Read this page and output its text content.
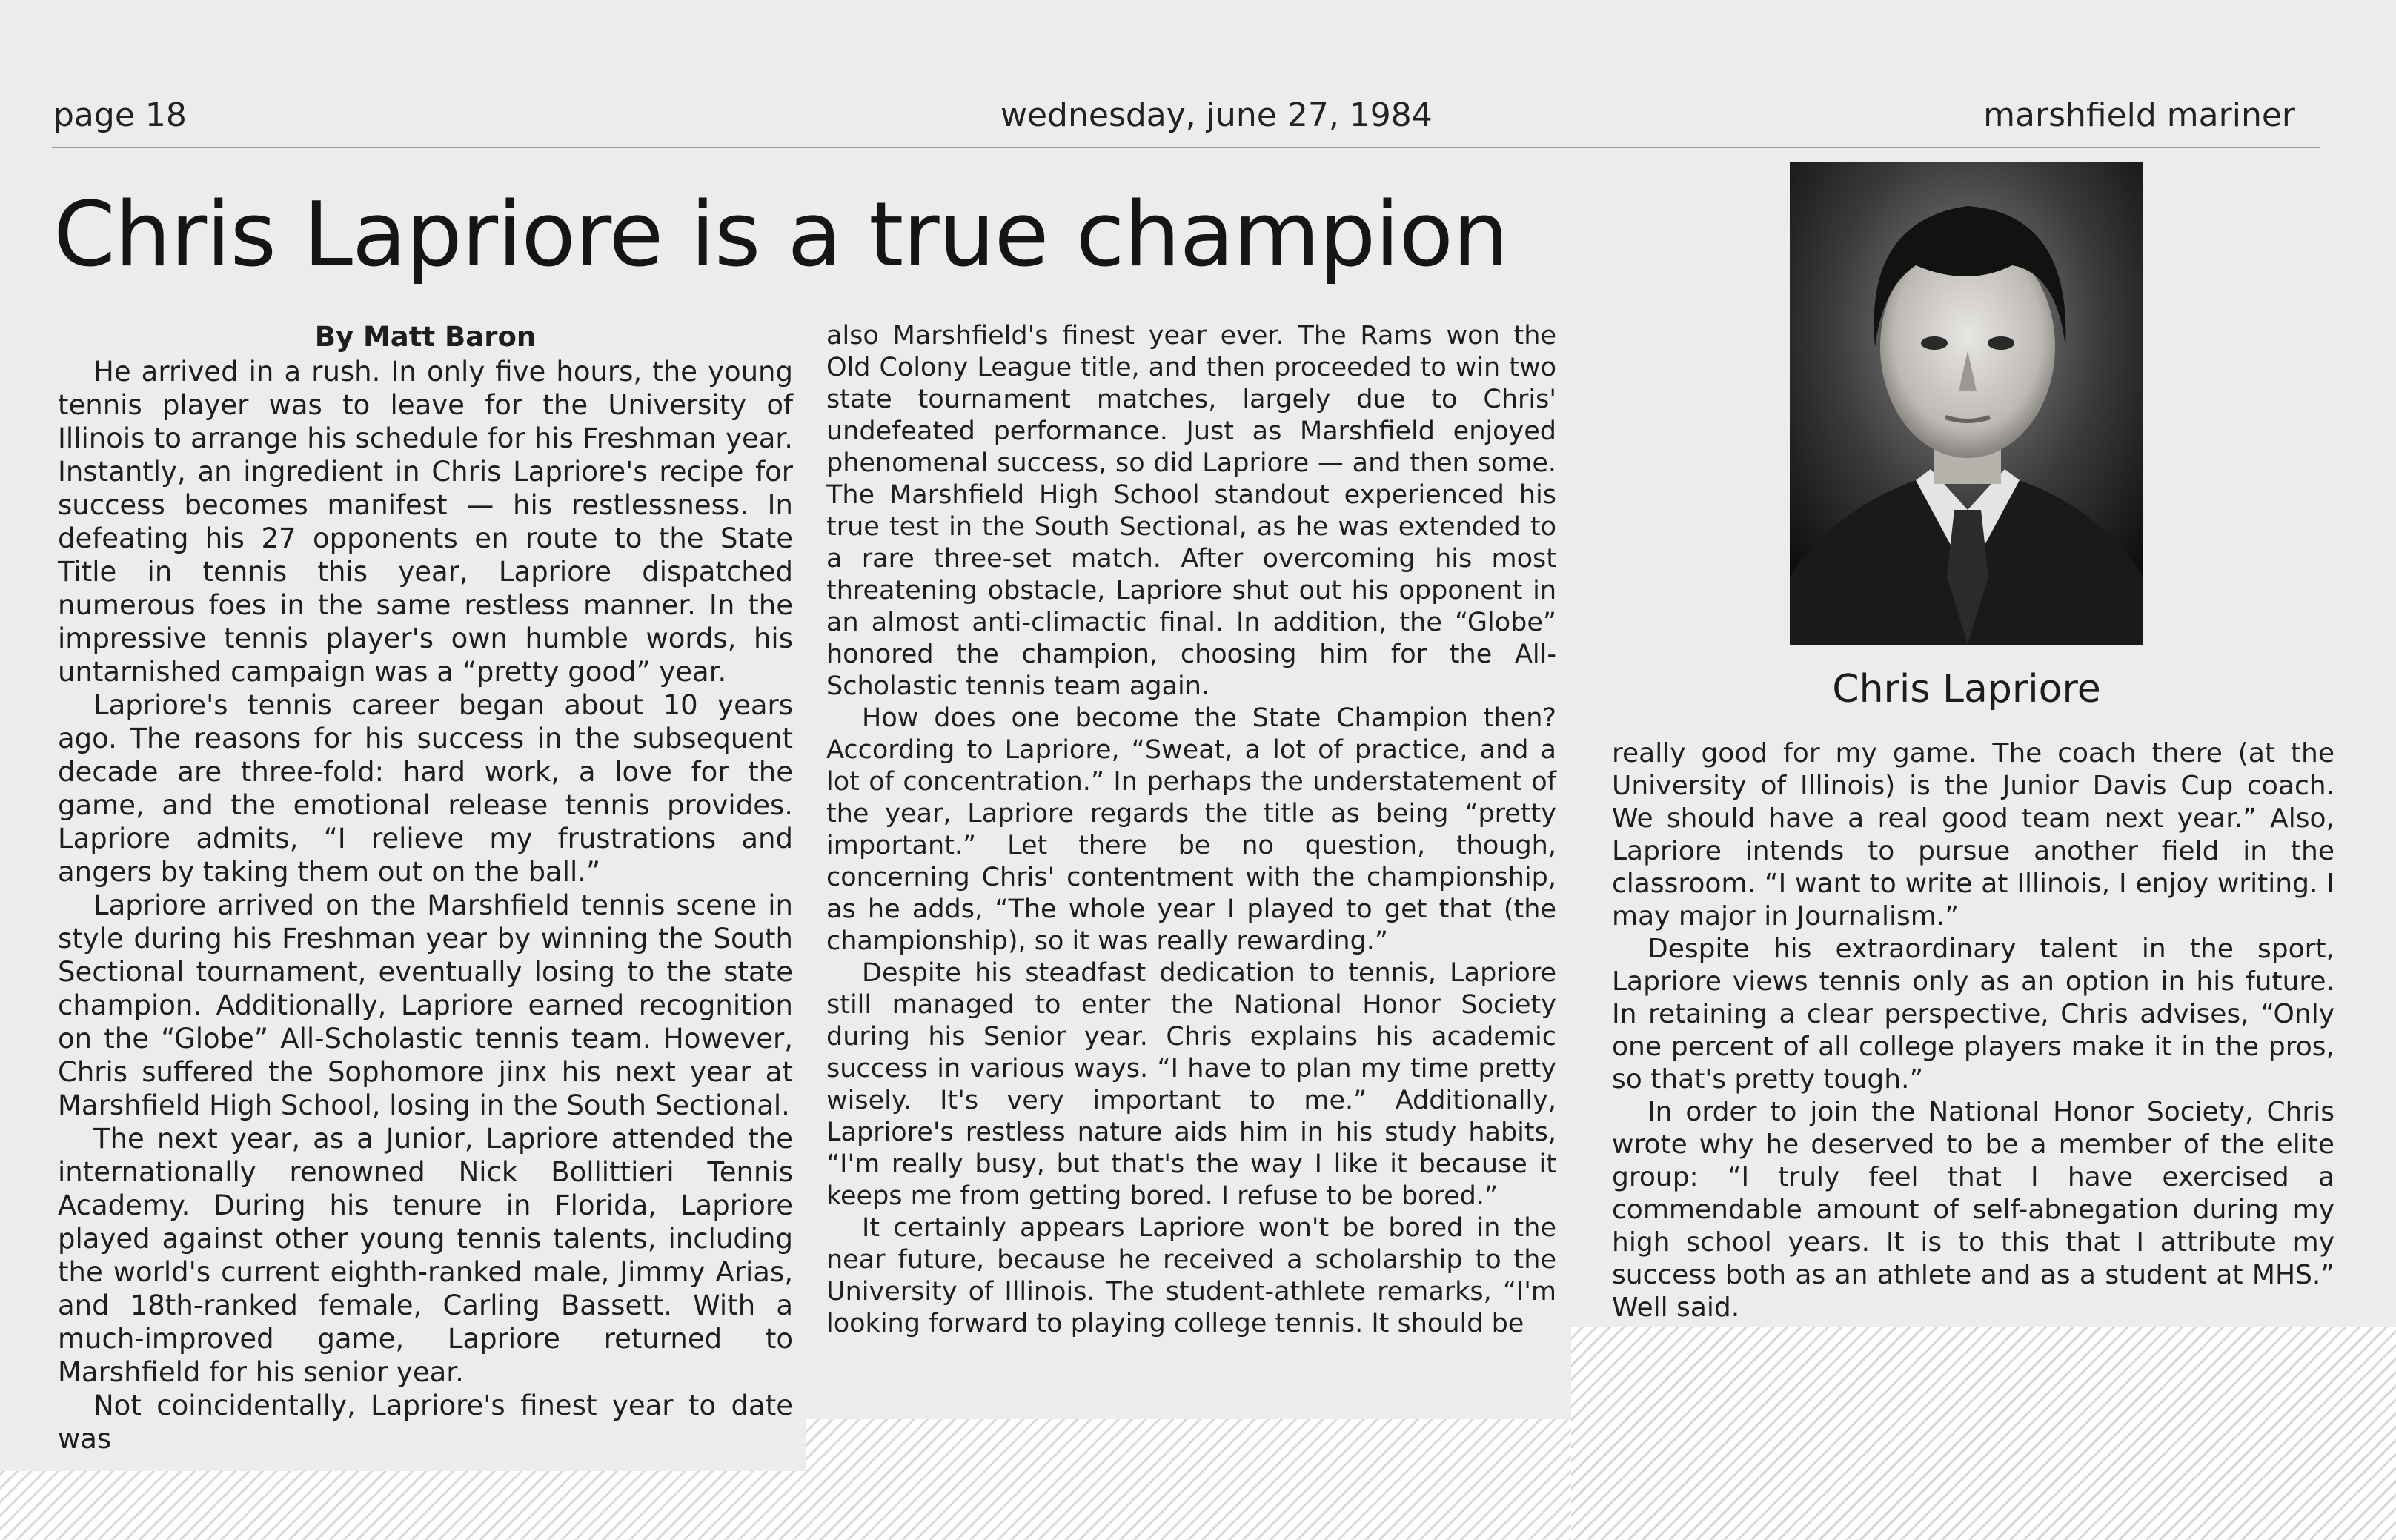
page 18	wednesday, june 27, 1984	marshfield mariner
Chris Lapriore is a true champion

By Matt Baron

He arrived in a rush. In only five hours, the young tennis player was to leave for the University of Illinois to arrange his schedule for his Freshman year. Instantly, an ingredient in Chris Lapriore's recipe for success becomes manifest — his restlessness. In defeating his 27 opponents en route to the State Title in tennis this year, Lapriore dispatched numerous foes in the same restless manner. In the impressive tennis player's own humble words, his untarnished campaign was a “pretty good” year.

Lapriore's tennis career began about 10 years ago. The reasons for his success in the subsequent decade are three-fold: hard work, a love for the game, and the emotional release tennis provides. Lapriore admits, “I relieve my frustrations and angers by taking them out on the ball.”

Lapriore arrived on the Marshfield tennis scene in style during his Freshman year by winning the South Sectional tournament, eventually losing to the state champion. Additionally, Lapriore earned recognition on the “Globe” All-Scholastic tennis team. However, Chris suffered the Sophomore jinx his next year at Marshfield High School, losing in the South Sectional.

The next year, as a Junior, Lapriore attended the internationally renowned Nick Bollittieri Tennis Academy. During his tenure in Florida, Lapriore played against other young tennis talents, including the world's current eighth-ranked male, Jimmy Arias, and 18th-ranked female, Carling Bassett. With a much-improved game, Lapriore returned to Marshfield for his senior year.

Not coincidentally, Lapriore's finest year to date was

also Marshfield's finest year ever. The Rams won the Old Colony League title, and then proceeded to win two state tournament matches, largely due to Chris' undefeated performance. Just as Marshfield enjoyed phenomenal success, so did Lapriore — and then some. The Marshfield High School standout experienced his true test in the South Sectional, as he was extended to a rare three-set match. After overcoming his most threatening obstacle, Lapriore shut out his opponent in an almost anti-climactic final. In addition, the “Globe” honored the champion, choosing him for the All-Scholastic tennis team again.

How does one become the State Champion then? According to Lapriore, “Sweat, a lot of practice, and a lot of concentration.” In perhaps the understatement of the year, Lapriore regards the title as being “pretty important.” Let there be no question, though, concerning Chris' contentment with the championship, as he adds, “The whole year I played to get that (the championship), so it was really rewarding.”

Despite his steadfast dedication to tennis, Lapriore still managed to enter the National Honor Society during his Senior year. Chris explains his academic success in various ways. “I have to plan my time pretty wisely. It's very important to me.” Additionally, Lapriore's restless nature aids him in his study habits, “I'm really busy, but that's the way I like it because it keeps me from getting bored. I refuse to be bored.”

It certainly appears Lapriore won't be bored in the near future, because he received a scholarship to the University of Illinois. The student-athlete remarks, “I'm looking forward to playing college tennis. It should be

Chris Lapriore

really good for my game. The coach there (at the University of Illinois) is the Junior Davis Cup coach. We should have a real good team next year.” Also, Lapriore intends to pursue another field in the classroom. “I want to write at Illinois, I enjoy writing. I may major in Journalism.”

Despite his extraordinary talent in the sport, Lapriore views tennis only as an option in his future. In retaining a clear perspective, Chris advises, “Only one percent of all college players make it in the pros, so that's pretty tough.”

In order to join the National Honor Society, Chris wrote why he deserved to be a member of the elite group: “I truly feel that I have exercised a commendable amount of self-abnegation during my high school years. It is to this that I attribute my success both as an athlete and as a student at MHS.” Well said.
